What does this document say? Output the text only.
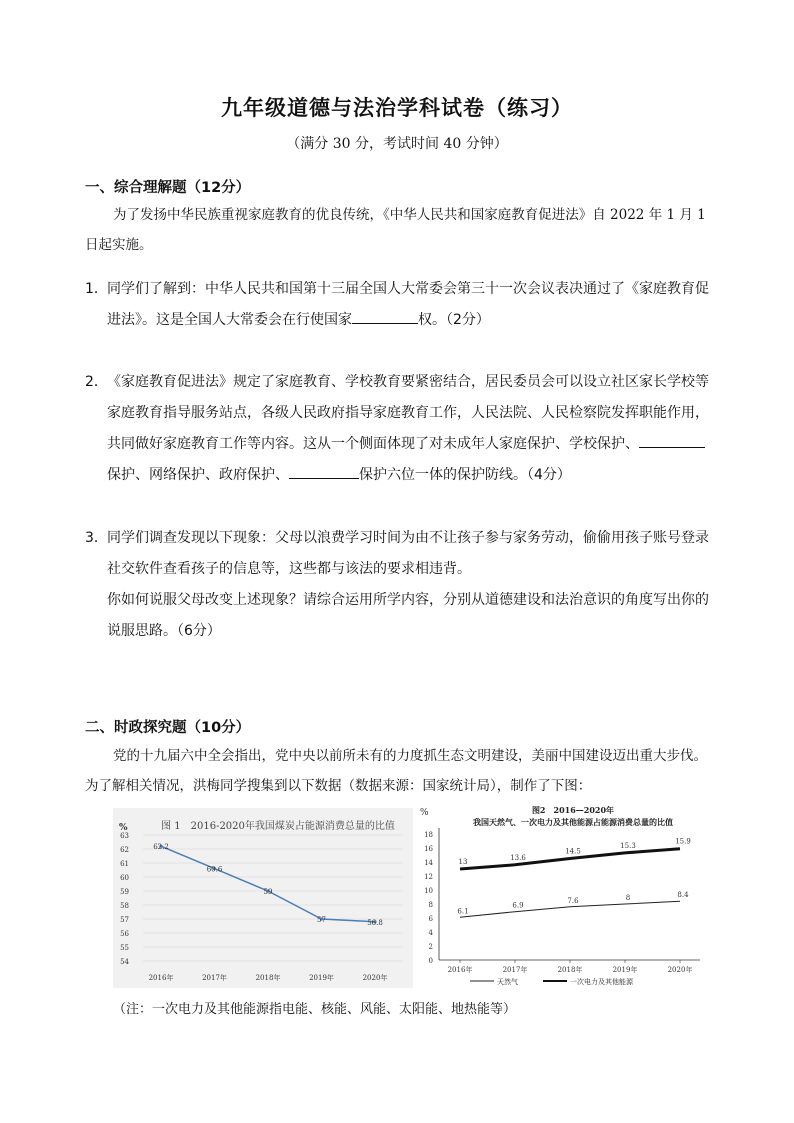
九年级道德与法治学科试卷（练习）
（满分 30 分，考试时间 40 分钟）
一、综合理解题（12分）
为了发扬中华民族重视家庭教育的优良传统，《中华人民共和国家庭教育促进法》自 2022 年 1 月 1 日起实施。
1． 同学们了解到：中华人民共和国第十三届全国人大常委会第三十一次会议表决通过了《家庭教育促进法》。这是全国人大常委会在行使国家	权。（2分）
2． 《家庭教育促进法》规定了家庭教育、学校教育要紧密结合，居民委员会可以设立社区家长学校等家庭教育指导服务站点，各级人民政府指导家庭教育工作，人民法院、人民检察院发挥职能作用，共同做好家庭教育工作等内容。这从一个侧面体现了对未成年人家庭保护、学校保护、保护、网络保护、政府保护、	保护六位一体的保护防线。（4分）
3． 同学们调查发现以下现象：父母以浪费学习时间为由不让孩子参与家务劳动，偷偷用孩子账号登录社交软件查看孩子的信息等，这些都与该法的要求相违背。
你如何说服父母改变上述现象？请综合运用所学内容，分别从道德建设和法治意识的角度写出你的说服思路。（6分）
二、时政探究题（10分）
党的十九届六中全会指出，党中央以前所未有的力度抓生态文明建设，美丽中国建设迈出重大步伐。为了解相关情况，洪梅同学搜集到以下数据（数据来源：国家统计局），制作了下图：
%	图 1　2016-2020年我国煤炭占能源消费总量的比值
54
55
56
57
58
59
60
61
62
63
2016年	2017年	2018年	2019年	2020年
62.2
60.6
59
57	56.8
%	图2　2016—2020年
我国天然气、一次电力及其他能源占能源消费总量的比值
0
2
4
6
8
10
12
14
16
18
2016年	2017年	2018年	2019年	2020年
6.1
6.9
7.6	8	8.4
13
13.6
14.5
15.3
15.9
天然气	一次电力及其他能源
（注：一次电力及其他能源指电能、核能、风能、太阳能、地热能等）
